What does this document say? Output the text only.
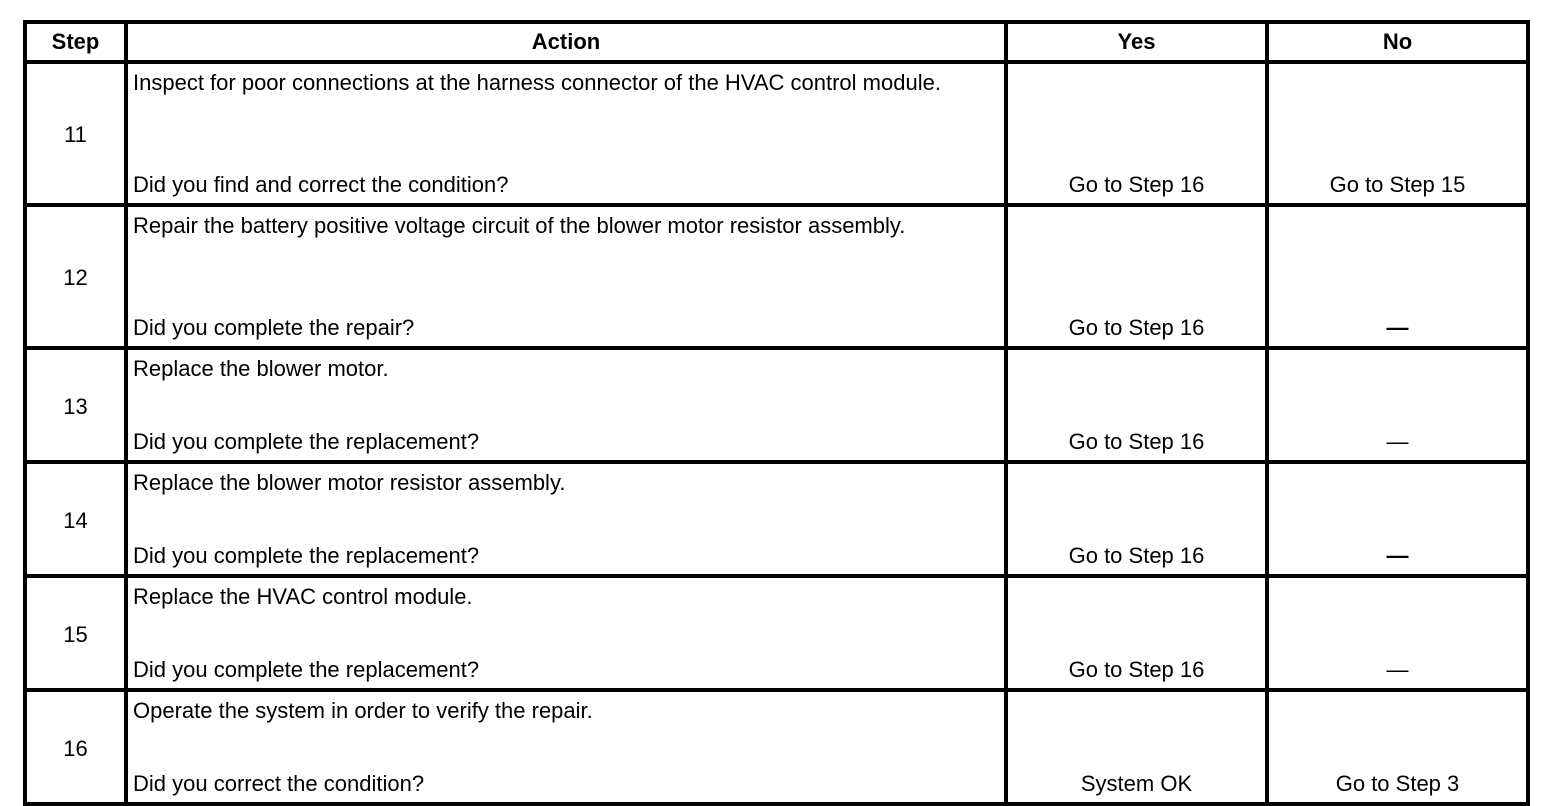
Step	Action	Yes	No
11	Inspect for poor connections at the harness connector of the HVAC control module.
Did you find and correct the condition?	Go to Step 16	Go to Step 15
12	Repair the battery positive voltage circuit of the blower motor resistor assembly.
Did you complete the repair?	Go to Step 16	—
13	Replace the blower motor.
Did you complete the replacement?	Go to Step 16	—
14	Replace the blower motor resistor assembly.
Did you complete the replacement?	Go to Step 16	—
15	Replace the HVAC control module.
Did you complete the replacement?	Go to Step 16	—
16	Operate the system in order to verify the repair.
Did you correct the condition?	System OK	Go to Step 3
